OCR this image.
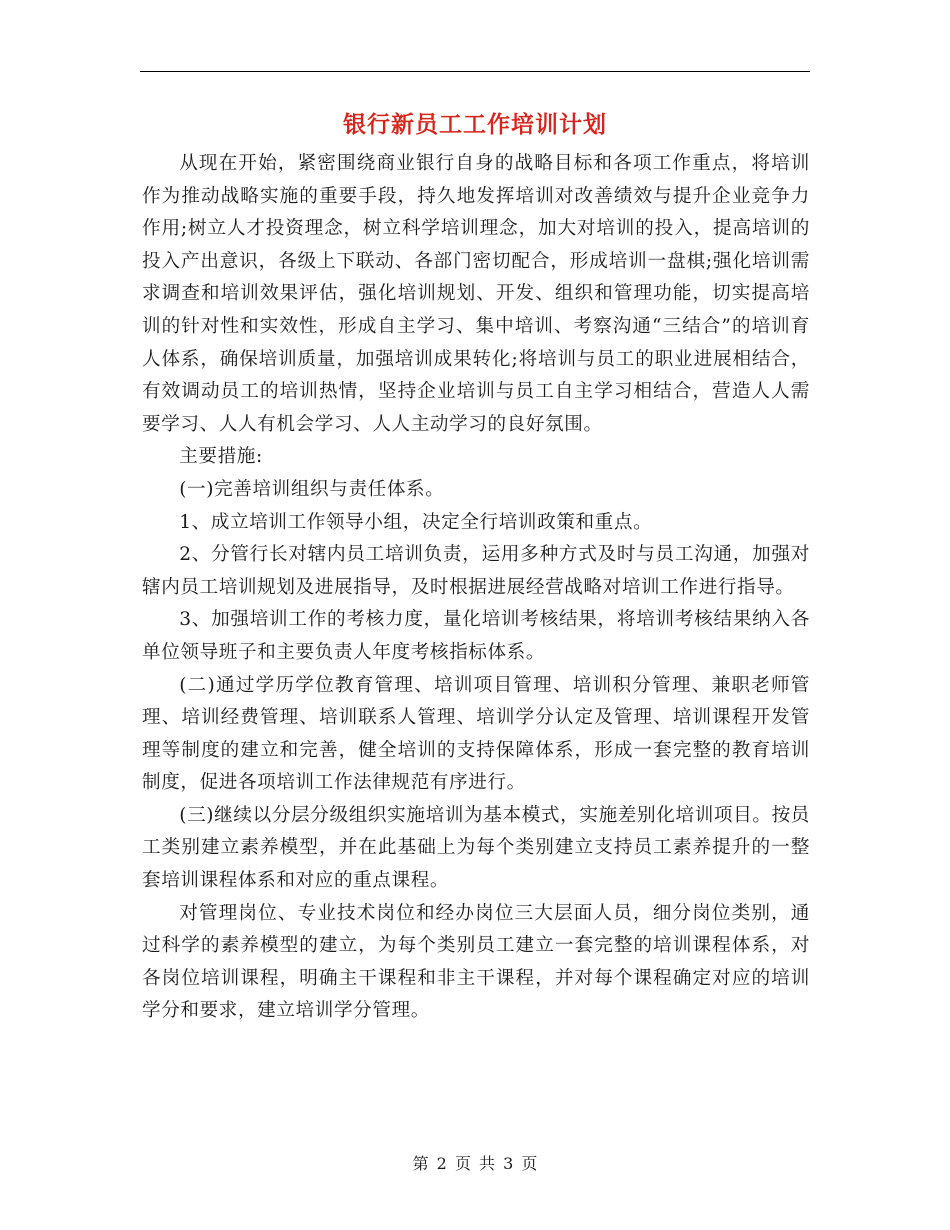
银行新员工工作培训计划

从现在开始，紧密围绕商业银行自身的战略目标和各项工作重点，将培训作为推动战略实施的重要手段，持久地发挥培训对改善绩效与提升企业竞争力作用;树立人才投资理念，树立科学培训理念，加大对培训的投入，提高培训的投入产出意识，各级上下联动、各部门密切配合，形成培训一盘棋;强化培训需求调查和培训效果评估，强化培训规划、开发、组织和管理功能，切实提高培训的针对性和实效性，形成自主学习、集中培训、考察沟通“三结合”的培训育人体系，确保培训质量，加强培训成果转化;将培训与员工的职业进展相结合，有效调动员工的培训热情，坚持企业培训与员工自主学习相结合，营造人人需要学习、人人有机会学习、人人主动学习的良好氛围。

主要措施:

(一)完善培训组织与责任体系。

1、成立培训工作领导小组，决定全行培训政策和重点。

2、分管行长对辖内员工培训负责，运用多种方式及时与员工沟通，加强对辖内员工培训规划及进展指导，及时根据进展经营战略对培训工作进行指导。

3、加强培训工作的考核力度，量化培训考核结果，将培训考核结果纳入各单位领导班子和主要负责人年度考核指标体系。

(二)通过学历学位教育管理、培训项目管理、培训积分管理、兼职老师管理、培训经费管理、培训联系人管理、培训学分认定及管理、培训课程开发管理等制度的建立和完善，健全培训的支持保障体系，形成一套完整的教育培训制度，促进各项培训工作法律规范有序进行。

(三)继续以分层分级组织实施培训为基本模式，实施差别化培训项目。按员工类别建立素养模型，并在此基础上为每个类别建立支持员工素养提升的一整套培训课程体系和对应的重点课程。

对管理岗位、专业技术岗位和经办岗位三大层面人员，细分岗位类别，通过科学的素养模型的建立，为每个类别员工建立一套完整的培训课程体系，对各岗位培训课程，明确主干课程和非主干课程，并对每个课程确定对应的培训学分和要求，建立培训学分管理。

第 2 页 共 3 页
